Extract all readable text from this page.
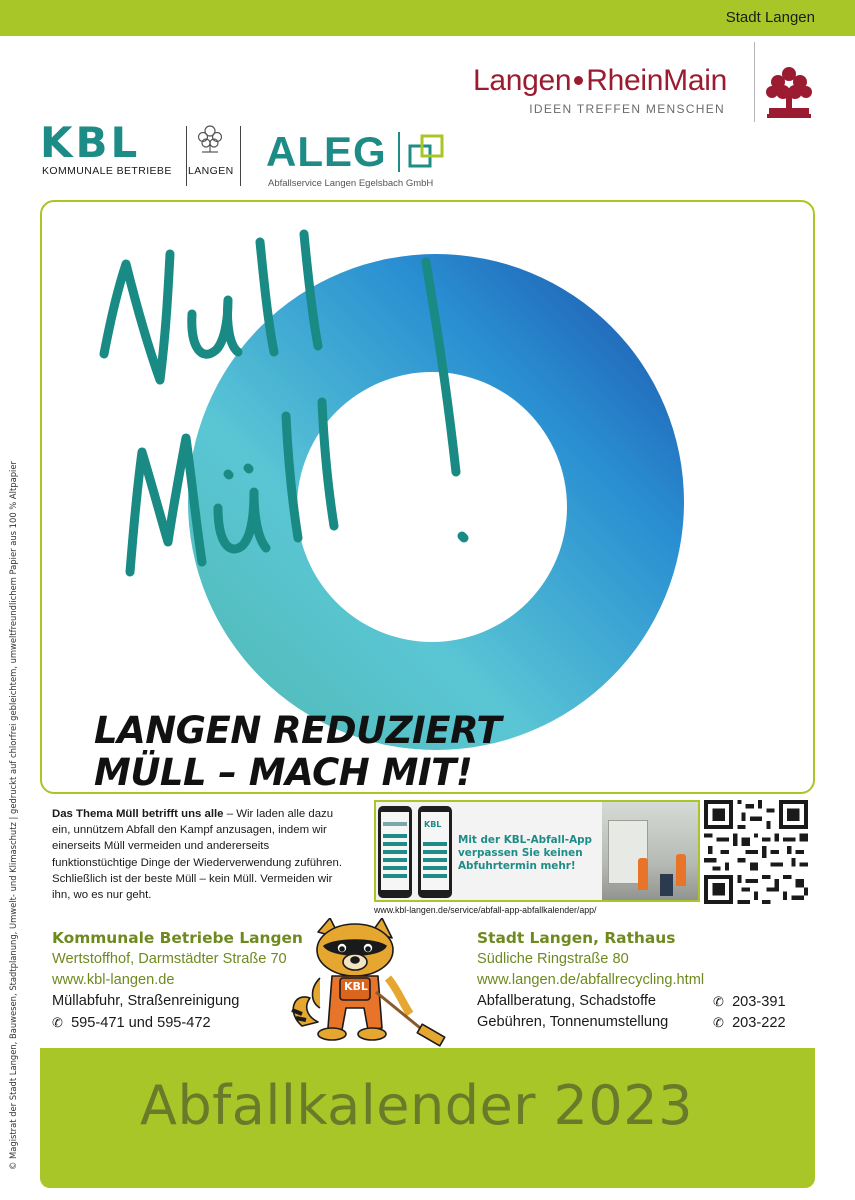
Stadt Langen
Langen RheinMain
IDEEN TREFFEN MENSCHEN
KBL
KOMMUNALE BETRIEBE LANGEN ALEG
Abfallservice Langen Egelsbach GmbH
© Magistrat der Stadt Langen, Bauwesen, Stadtplanung, Umwelt- und Klimaschutz | gedruckt auf chlorfrei gebleichtem, umweltfreundlichem Papier aus 100 % Altpapier LANGEN REDUZIERT
MÜLL – MACH MIT!
Das Thema Müll betrifft uns alle – Wir laden alle dazu ein, unnützem Abfall den Kampf anzusagen, indem wir einerseits Müll vermeiden und andererseits funktionstüchtige Dinge der Wiederverwendung zuführen. Schließlich ist der beste Müll – kein Müll. Vermeiden wir ihn, wo es nur geht.
KBL
Mit der KBL-Abfall-App verpassen Sie keinen Abfuhrtermin mehr!
www.kbl-langen.de/service/abfall-app-abfallkalender/app/
Kommunale Betriebe Langen
Wertstoffhof, Darmstädter Straße 70
www.kbl-langen.de
Müllabfuhr, Straßenreinigung
✆ 595-471 und 595-472
KBL
Stadt Langen, Rathaus
Südliche Ringstraße 80
www.langen.de/abfallrecycling.html
Abfallberatung, Schadstoffe	✆ 203-391
Gebühren, Tonnenumstellung	✆ 203-222
Abfallkalender 2023
